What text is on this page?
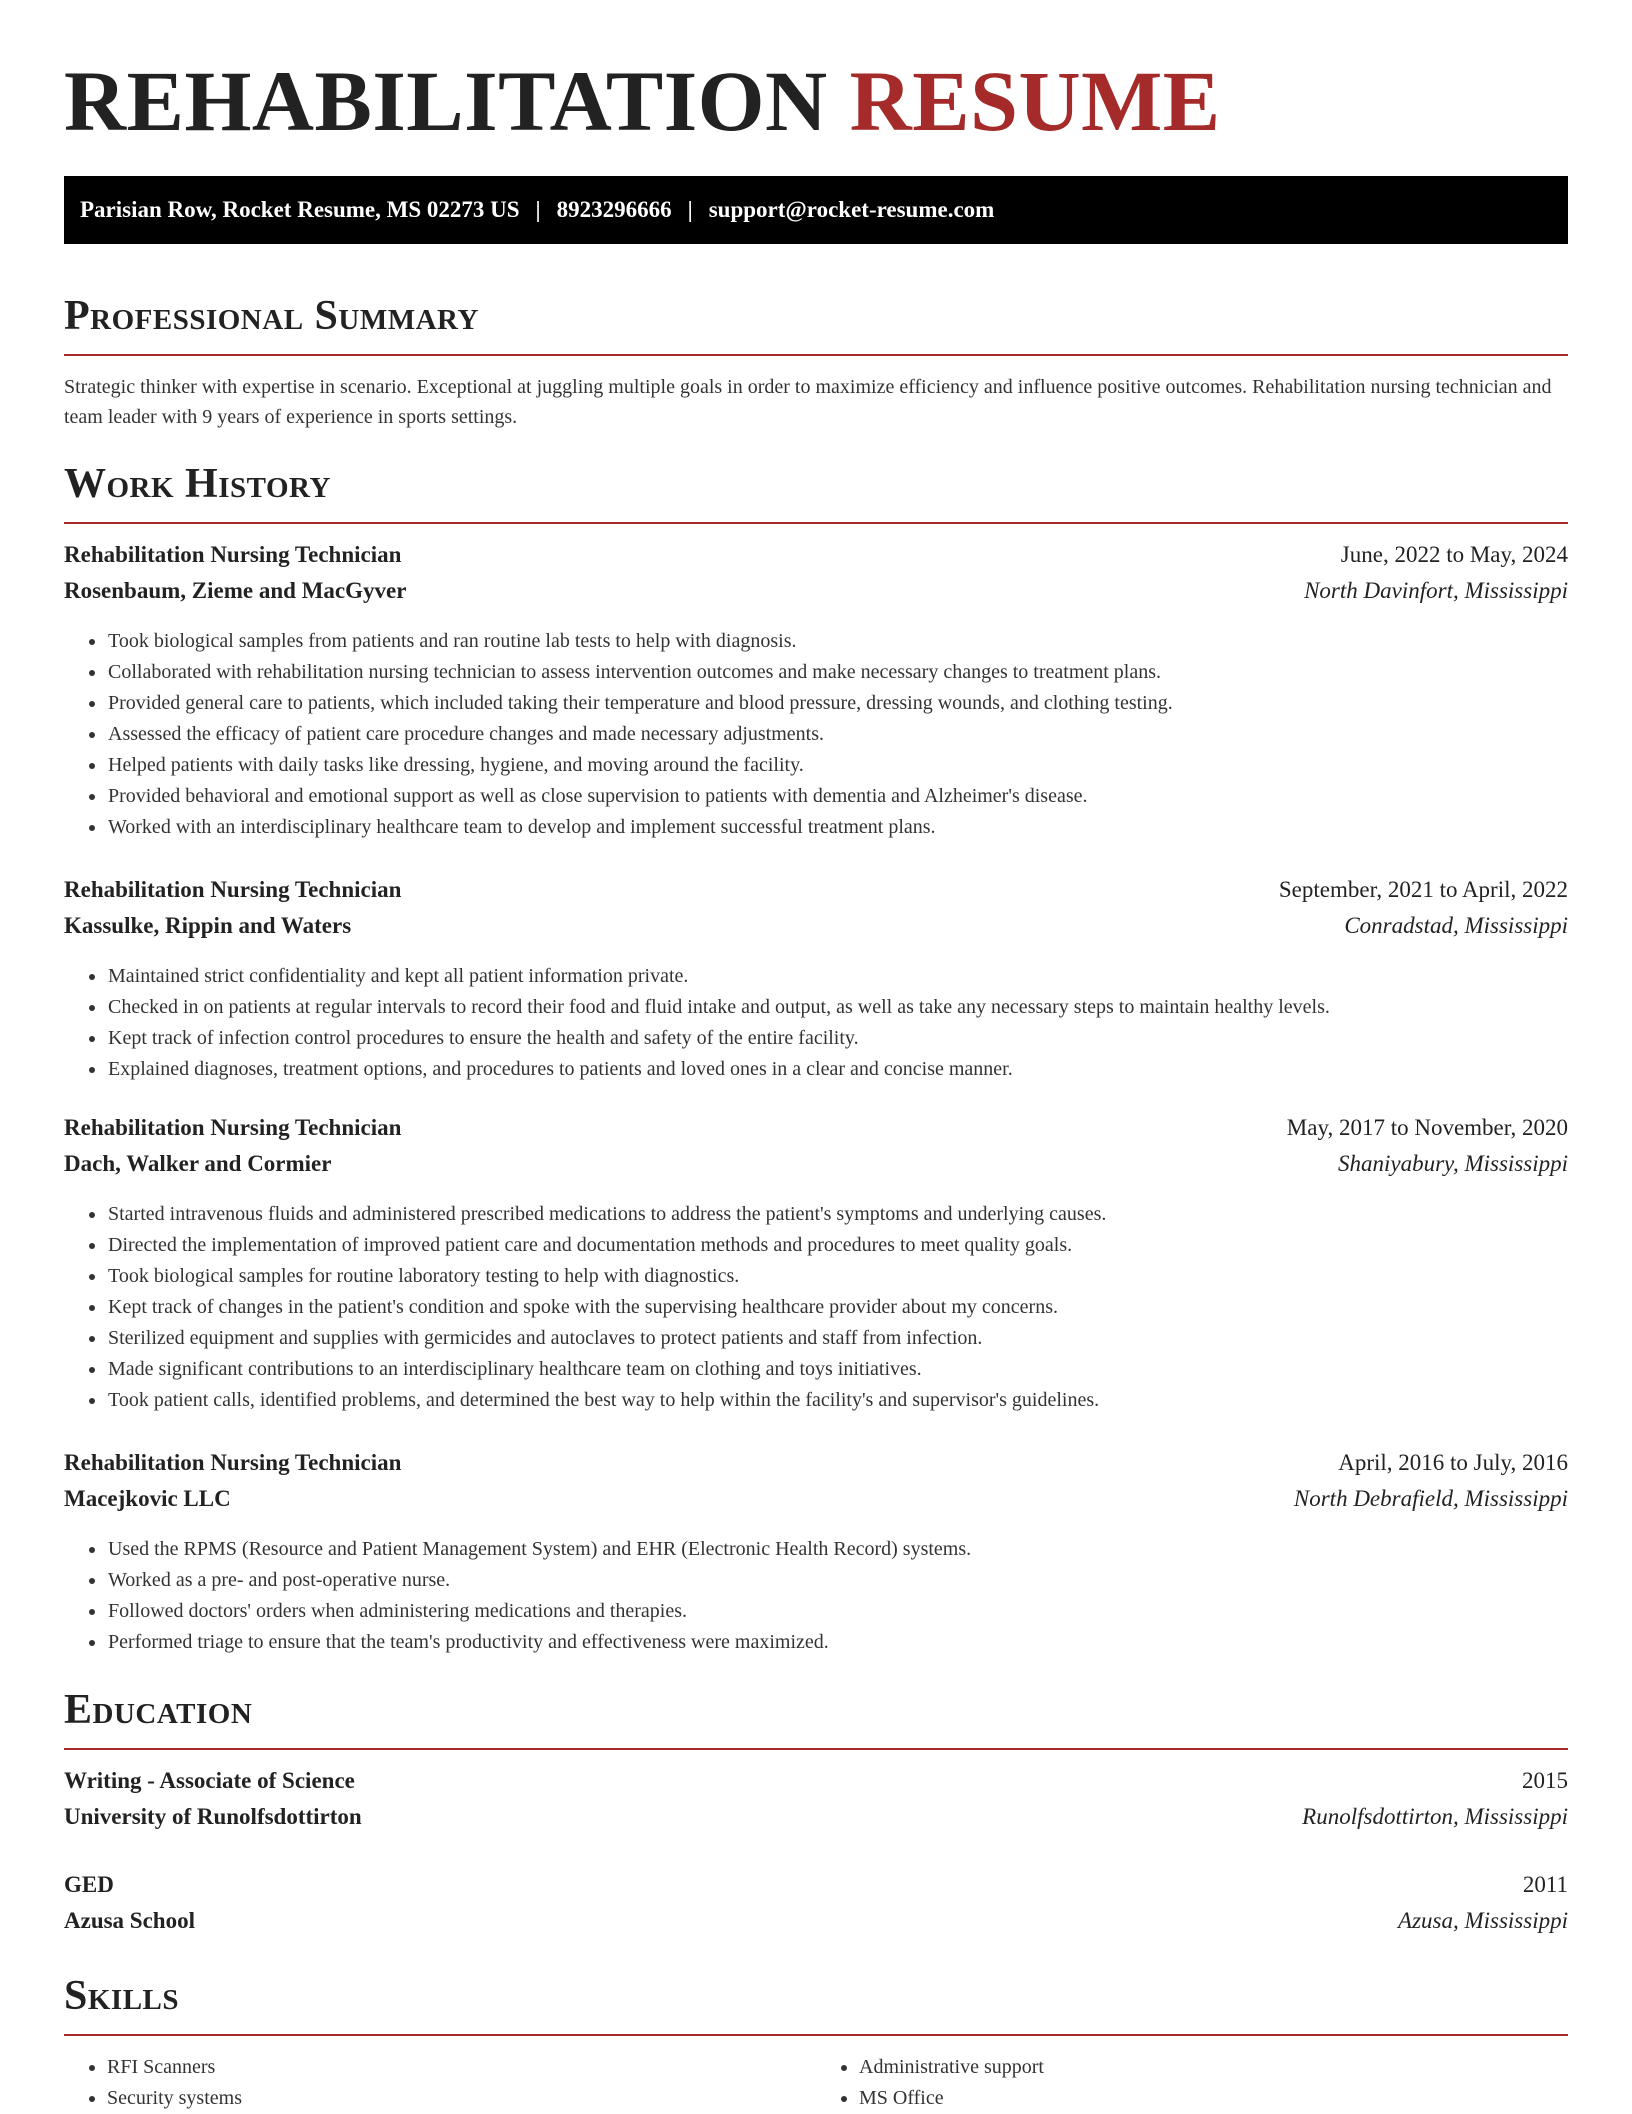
REHABILITATION RESUME
Parisian Row, Rocket Resume, MS 02273 US | 8923296666 | support@rocket-resume.com
Professional Summary
Strategic thinker with expertise in scenario. Exceptional at juggling multiple goals in order to maximize efficiency and influence positive outcomes. Rehabilitation nursing technician and team leader with 9 years of experience in sports settings.
Work History
Rehabilitation Nursing Technician	June, 2022 to May, 2024
Rosenbaum, Zieme and MacGyver	North Davinfort, Mississippi
• Took biological samples from patients and ran routine lab tests to help with diagnosis.
• Collaborated with rehabilitation nursing technician to assess intervention outcomes and make necessary changes to treatment plans.
• Provided general care to patients, which included taking their temperature and blood pressure, dressing wounds, and clothing testing.
• Assessed the efficacy of patient care procedure changes and made necessary adjustments.
• Helped patients with daily tasks like dressing, hygiene, and moving around the facility.
• Provided behavioral and emotional support as well as close supervision to patients with dementia and Alzheimer's disease.
• Worked with an interdisciplinary healthcare team to develop and implement successful treatment plans.
Rehabilitation Nursing Technician	September, 2021 to April, 2022
Kassulke, Rippin and Waters	Conradstad, Mississippi
• Maintained strict confidentiality and kept all patient information private.
• Checked in on patients at regular intervals to record their food and fluid intake and output, as well as take any necessary steps to maintain healthy levels.
• Kept track of infection control procedures to ensure the health and safety of the entire facility.
• Explained diagnoses, treatment options, and procedures to patients and loved ones in a clear and concise manner.
Rehabilitation Nursing Technician	May, 2017 to November, 2020
Dach, Walker and Cormier	Shaniyabury, Mississippi
• Started intravenous fluids and administered prescribed medications to address the patient's symptoms and underlying causes.
• Directed the implementation of improved patient care and documentation methods and procedures to meet quality goals.
• Took biological samples for routine laboratory testing to help with diagnostics.
• Kept track of changes in the patient's condition and spoke with the supervising healthcare provider about my concerns.
• Sterilized equipment and supplies with germicides and autoclaves to protect patients and staff from infection.
• Made significant contributions to an interdisciplinary healthcare team on clothing and toys initiatives.
• Took patient calls, identified problems, and determined the best way to help within the facility's and supervisor's guidelines.
Rehabilitation Nursing Technician	April, 2016 to July, 2016
Macejkovic LLC	North Debrafield, Mississippi
• Used the RPMS (Resource and Patient Management System) and EHR (Electronic Health Record) systems.
• Worked as a pre- and post-operative nurse.
• Followed doctors' orders when administering medications and therapies.
• Performed triage to ensure that the team's productivity and effectiveness were maximized.
Education
Writing - Associate of Science	2015
University of Runolfsdottirton	Runolfsdottirton, Mississippi
GED	2011
Azusa School	Azusa, Mississippi
Skills
• RFI Scanners
• Security systems
• Administrative support
• MS Office
